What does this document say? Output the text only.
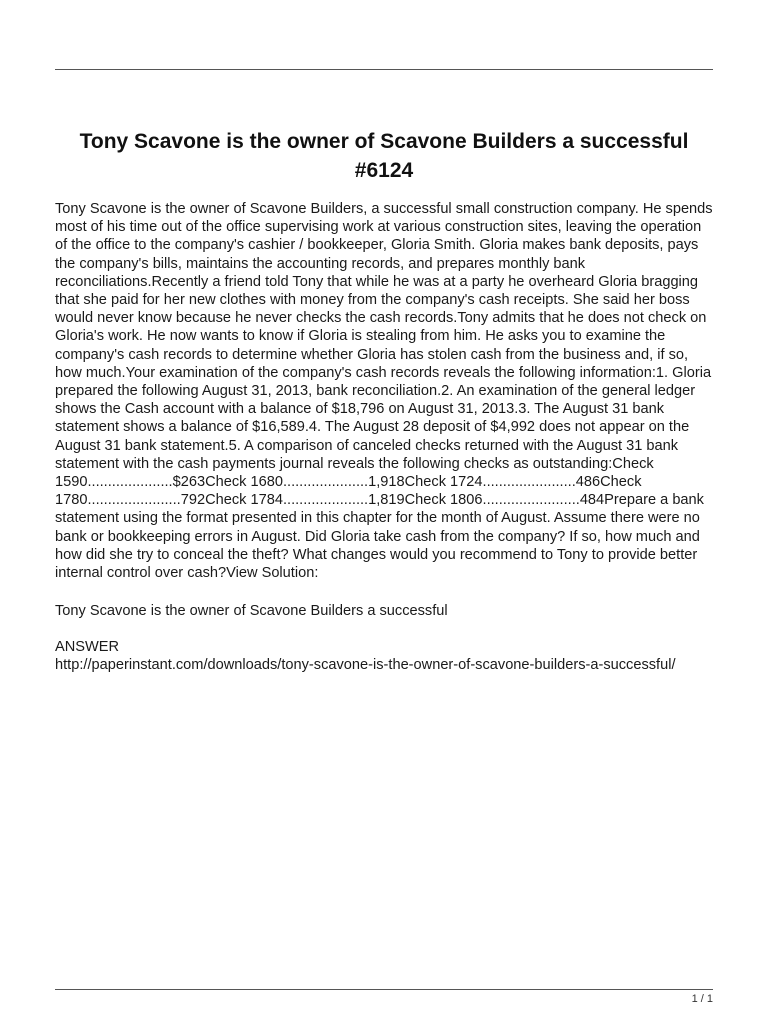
Tony Scavone is the owner of Scavone Builders a successful #6124

Tony Scavone is the owner of Scavone Builders, a successful small construction company. He spends most of his time out of the office supervising work at various construction sites, leaving the operation of the office to the company's cashier / bookkeeper, Gloria Smith. Gloria makes bank deposits, pays the company's bills, maintains the accounting records, and prepares monthly bank reconciliations.Recently a friend told Tony that while he was at a party he overheard Gloria bragging that she paid for her new clothes with money from the company's cash receipts. She said her boss would never know because he never checks the cash records.Tony admits that he does not check on Gloria's work. He now wants to know if Gloria is stealing from him. He asks you to examine the company's cash records to determine whether Gloria has stolen cash from the business and, if so, how much.Your examination of the company's cash records reveals the following information:1. Gloria prepared the following August 31, 2013, bank reconciliation.2. An examination of the general ledger shows the Cash account with a balance of $18,796 on August 31, 2013.3. The August 31 bank statement shows a balance of $16,589.4. The August 28 deposit of $4,992 does not appear on the August 31 bank statement.5. A comparison of canceled checks returned with the August 31 bank statement with the cash payments journal reveals the following checks as outstanding:Check 1590.....................$263Check 1680.....................1,918Check 1724.......................486Check 1780.......................792Check 1784.....................1,819Check 1806........................484Prepare a bank statement using the format presented in this chapter for the month of August. Assume there were no bank or bookkeeping errors in August. Did Gloria take cash from the company? If so, how much and how did she try to conceal the theft? What changes would you recommend to Tony to provide better internal control over cash?View Solution:

Tony Scavone is the owner of Scavone Builders a successful

ANSWER

http://paperinstant.com/downloads/tony-scavone-is-the-owner-of-scavone-builders-a-successful/
1 / 1
